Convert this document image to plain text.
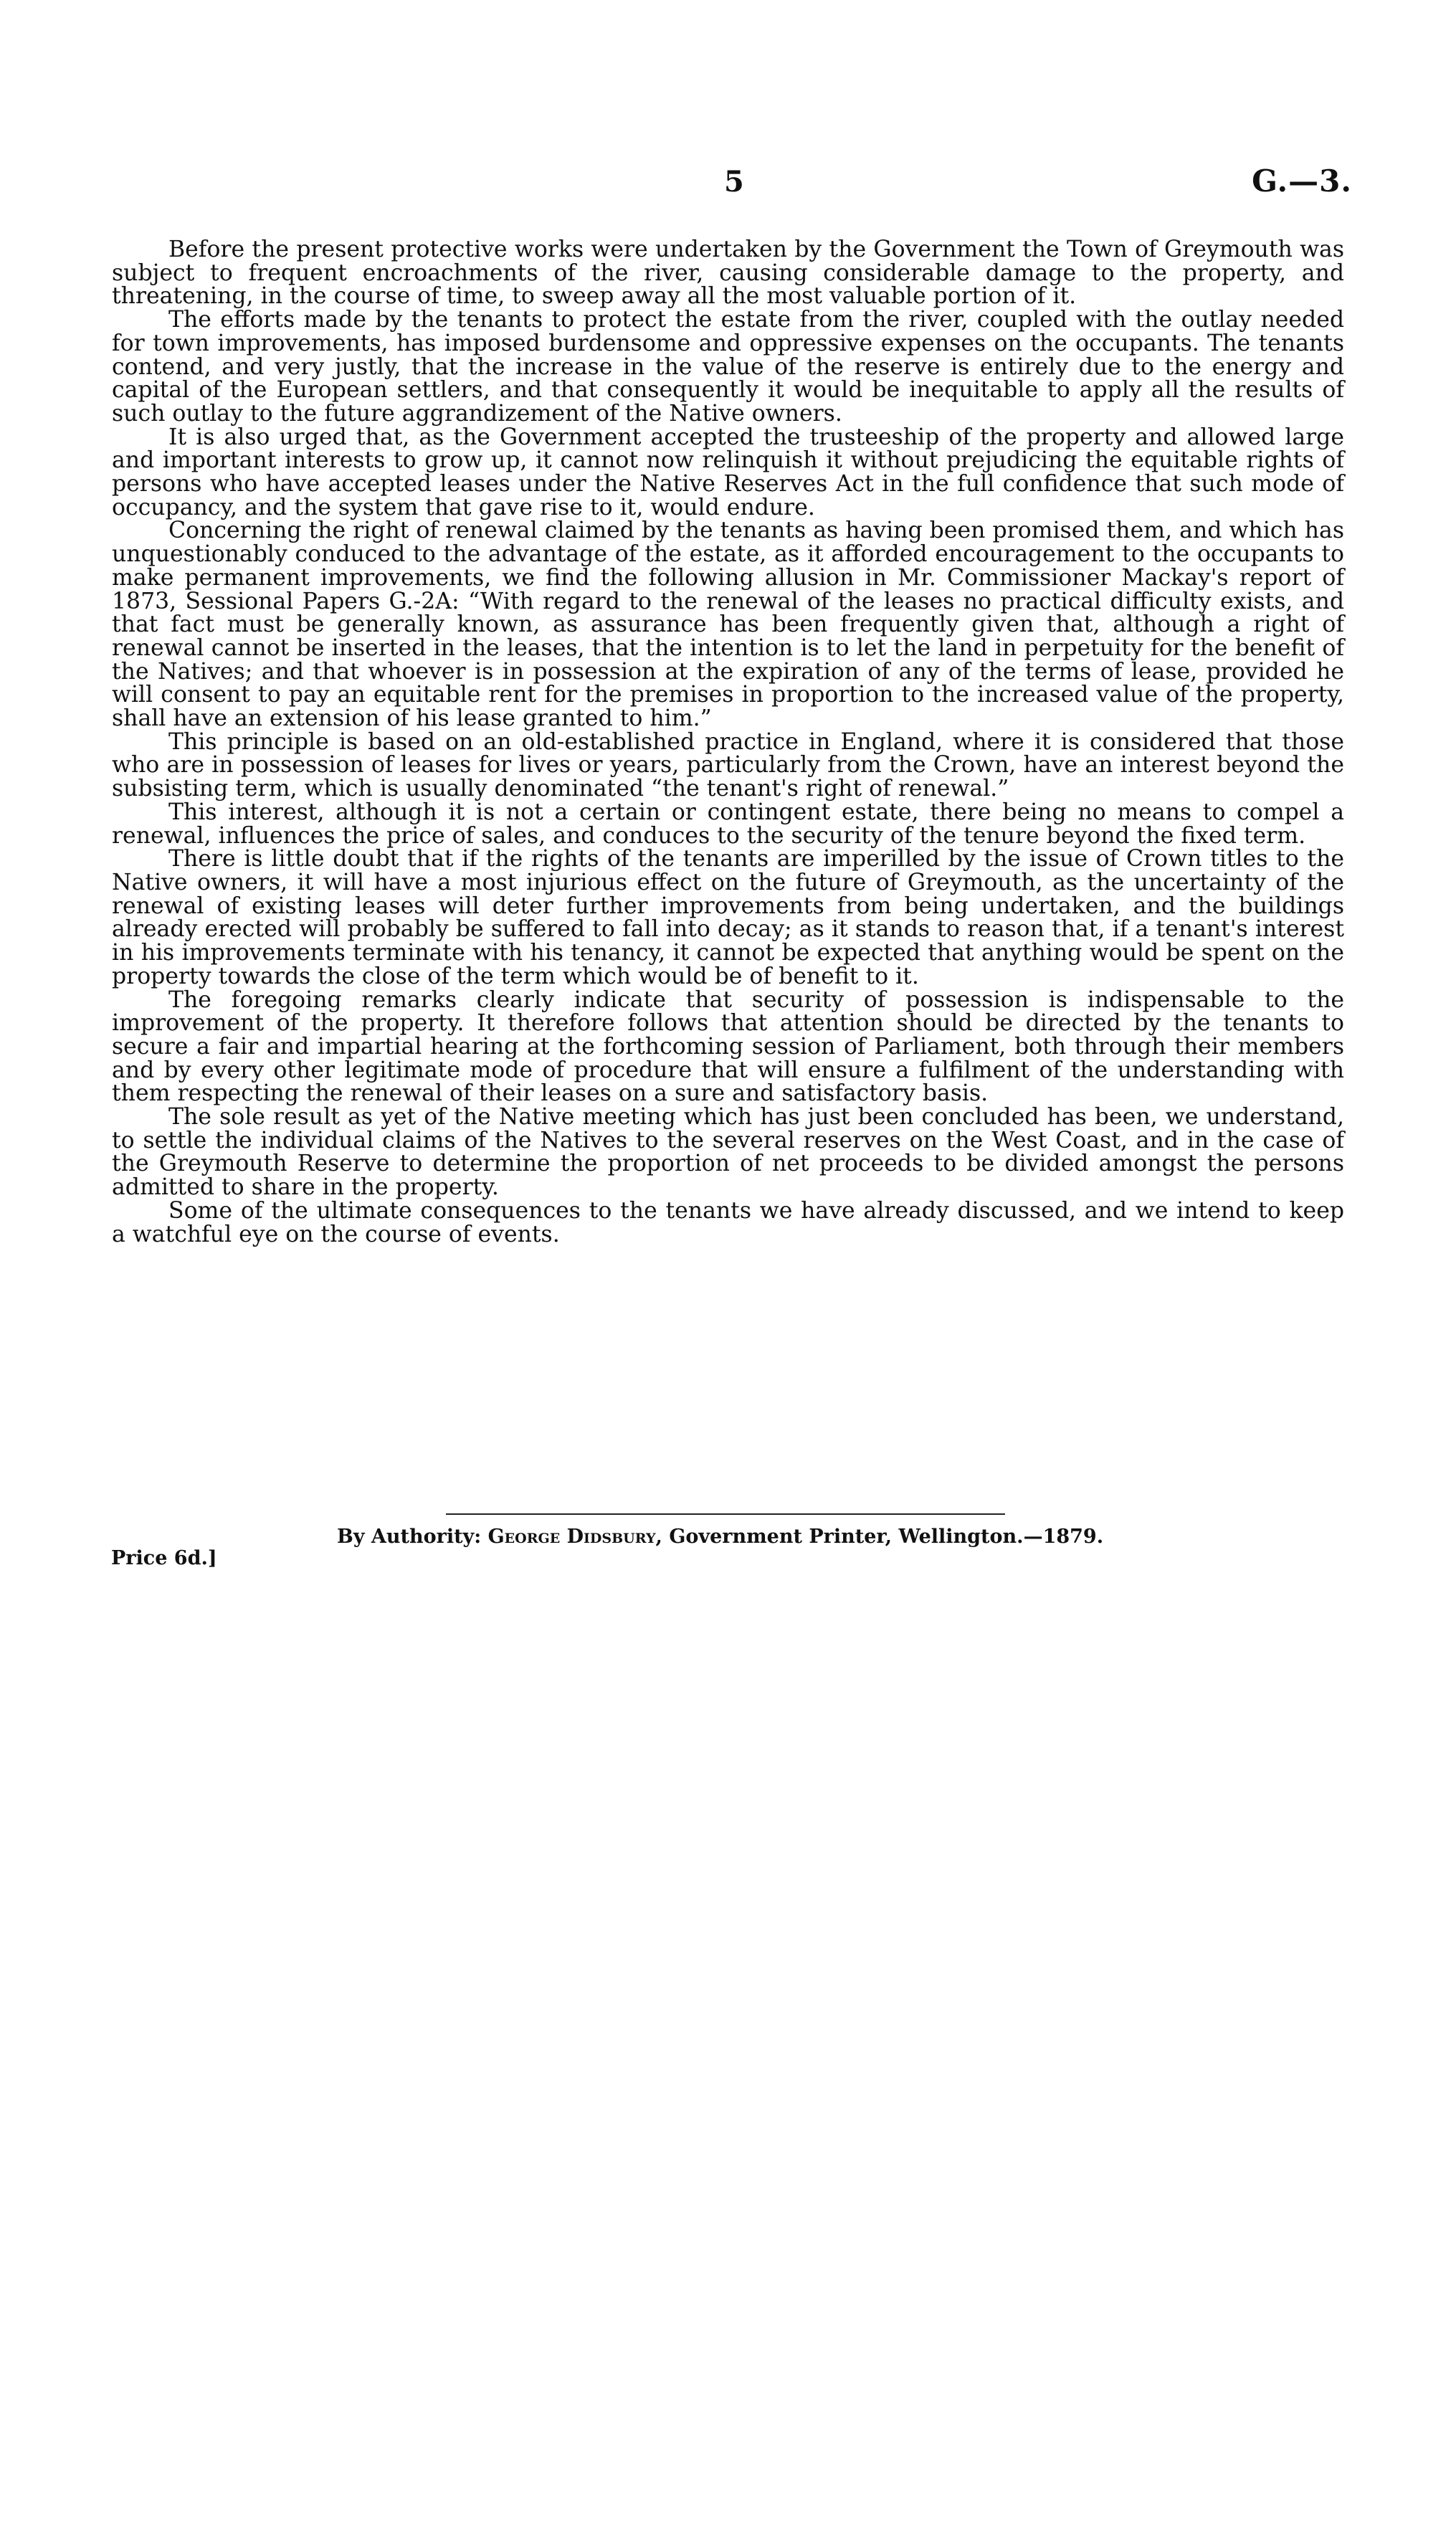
5	G.—3.

Before the present protective works were undertaken by the Government the Town of Greymouth was subject to frequent encroachments of the river, causing considerable damage to the property, and threatening, in the course of time, to sweep away all the most valuable portion of it.

The efforts made by the tenants to protect the estate from the river, coupled with the outlay needed for town improvements, has imposed burdensome and oppressive expenses on the occupants. The tenants contend, and very justly, that the increase in the value of the reserve is entirely due to the energy and capital of the European settlers, and that consequently it would be inequitable to apply all the results of such outlay to the future aggrandizement of the Native owners.

It is also urged that, as the Government accepted the trusteeship of the property and allowed large and important interests to grow up, it cannot now relinquish it without prejudicing the equitable rights of persons who have accepted leases under the Native Reserves Act in the full confidence that such mode of occupancy, and the system that gave rise to it, would endure.

Concerning the right of renewal claimed by the tenants as having been promised them, and which has unquestionably conduced to the advantage of the estate, as it afforded encouragement to the occupants to make permanent improvements, we find the following allusion in Mr. Commissioner Mackay's report of 1873, Sessional Papers G.-2A: “With regard to the renewal of the leases no practical difficulty exists, and that fact must be generally known, as assurance has been frequently given that, although a right of renewal cannot be inserted in the leases, that the intention is to let the land in perpetuity for the benefit of the Natives; and that whoever is in possession at the expiration of any of the terms of lease, provided he will consent to pay an equitable rent for the premises in proportion to the increased value of the property, shall have an extension of his lease granted to him.”

This principle is based on an old-established practice in England, where it is considered that those who are in possession of leases for lives or years, particularly from the Crown, have an interest beyond the subsisting term, which is usually denominated “the tenant's right of renewal.”

This interest, although it is not a certain or contingent estate, there being no means to compel a renewal, influences the price of sales, and conduces to the security of the tenure beyond the fixed term.

There is little doubt that if the rights of the tenants are imperilled by the issue of Crown titles to the Native owners, it will have a most injurious effect on the future of Greymouth, as the uncertainty of the renewal of existing leases will deter further improvements from being undertaken, and the buildings already erected will probably be suffered to fall into decay; as it stands to reason that, if a tenant's interest in his improvements terminate with his tenancy, it cannot be expected that anything would be spent on the property towards the close of the term which would be of benefit to it.

The foregoing remarks clearly indicate that security of possession is indispensable to the improvement of the property. It therefore follows that attention should be directed by the tenants to secure a fair and impartial hearing at the forthcoming session of Parliament, both through their members and by every other legitimate mode of procedure that will ensure a fulfilment of the understanding with them respecting the renewal of their leases on a sure and satisfactory basis.

The sole result as yet of the Native meeting which has just been concluded has been, we understand, to settle the individual claims of the Natives to the several reserves on the West Coast, and in the case of the Greymouth Reserve to determine the proportion of net proceeds to be divided amongst the persons admitted to share in the property.

Some of the ultimate consequences to the tenants we have already discussed, and we intend to keep a watchful eye on the course of events.

By Authority: George Didsbury, Government Printer, Wellington.—1879.
Price 6d.]
